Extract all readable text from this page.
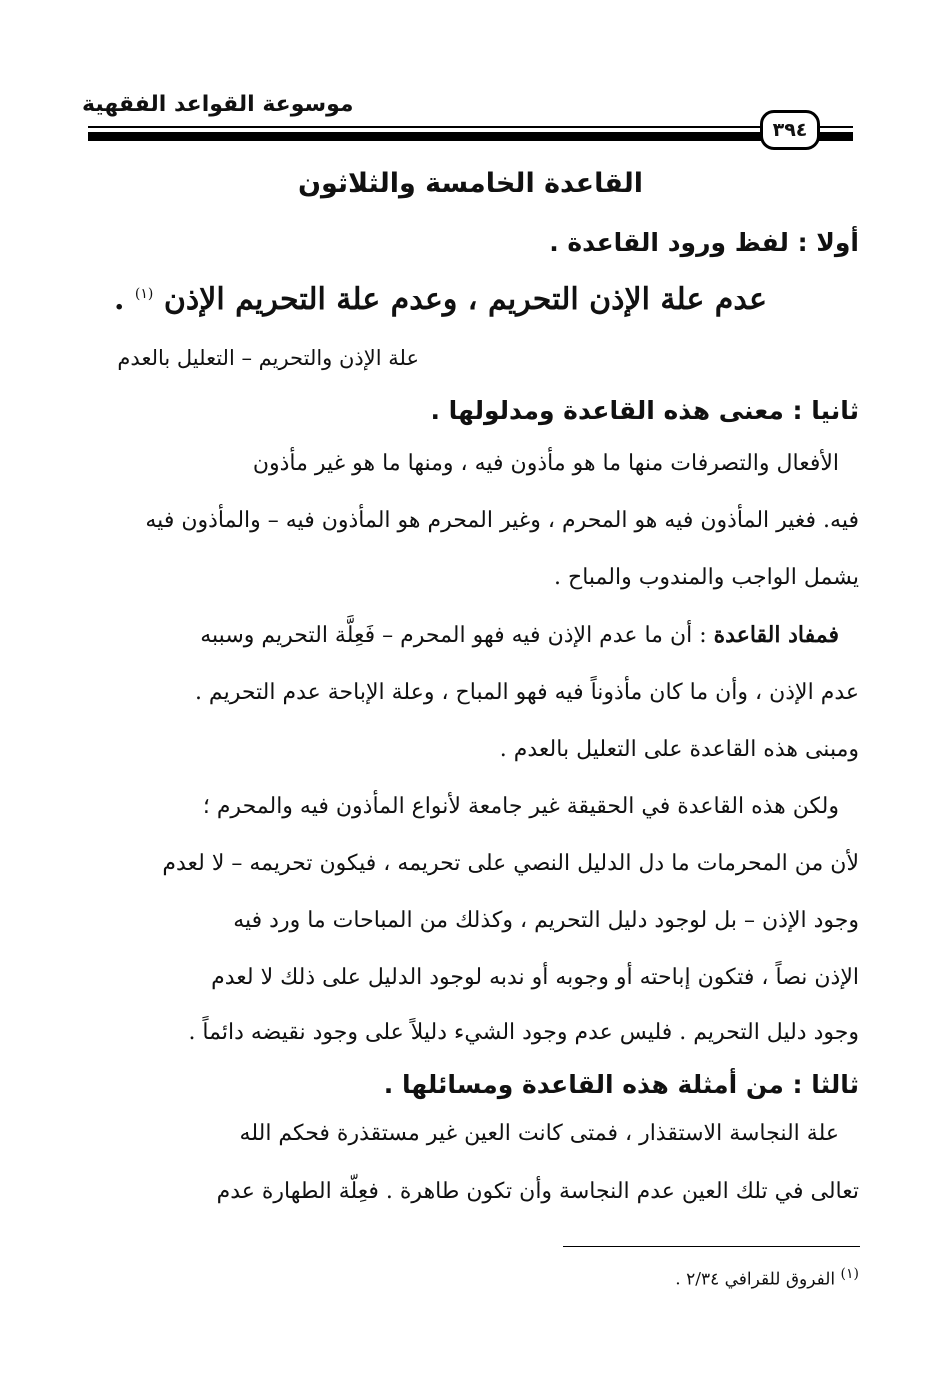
موسوعة القواعد الفقهية
٣٩٤
القاعدة الخامسة والثلاثون
أولا : لفظ ورود القاعدة .
عدم علة الإذن التحريم ، وعدم علة التحريم الإذن $^{(١)}$ .
علة الإذن والتحريم – التعليل بالعدم
ثانيا : معنى هذه القاعدة ومدلولها .
الأفعال والتصرفات منها ما هو مأذون فيه ، ومنها ما هو غير مأذون
فيه. فغير المأذون فيه هو المحرم ، وغير المحرم هو المأذون فيه – والمأذون فيه
يشمل الواجب والمندوب والمباح .
فمفاد القاعدة : أن ما عدم الإذن فيه فهو المحرم – فَعِلَّة التحريم وسببه
عدم الإذن ، وأن ما كان مأذوناً فيه فهو المباح ، وعلة الإباحة عدم التحريم .
ومبنى هذه القاعدة على التعليل بالعدم .
ولكن هذه القاعدة في الحقيقة غير جامعة لأنواع المأذون فيه والمحرم ؛
لأن من المحرمات ما دل الدليل النصي على تحريمه ، فيكون تحريمه – لا لعدم
وجود الإذن – بل لوجود دليل التحريم ، وكذلك من المباحات ما ورد فيه
الإذن نصاً ، فتكون إباحته أو وجوبه أو ندبه لوجود الدليل على ذلك لا لعدم
وجود دليل التحريم . فليس عدم وجود الشيء دليلاً على وجود نقيضه دائماً .
ثالثا : من أمثلة هذه القاعدة ومسائلها .
علة النجاسة الاستقذار ، فمتى كانت العين غير مستقذرة فحكم الله
تعالى في تلك العين عدم النجاسة وأن تكون طاهرة . فعِلّة الطهارة عدم
$^{(١)}$ الفروق للقرافي ٢/٣٤ .
